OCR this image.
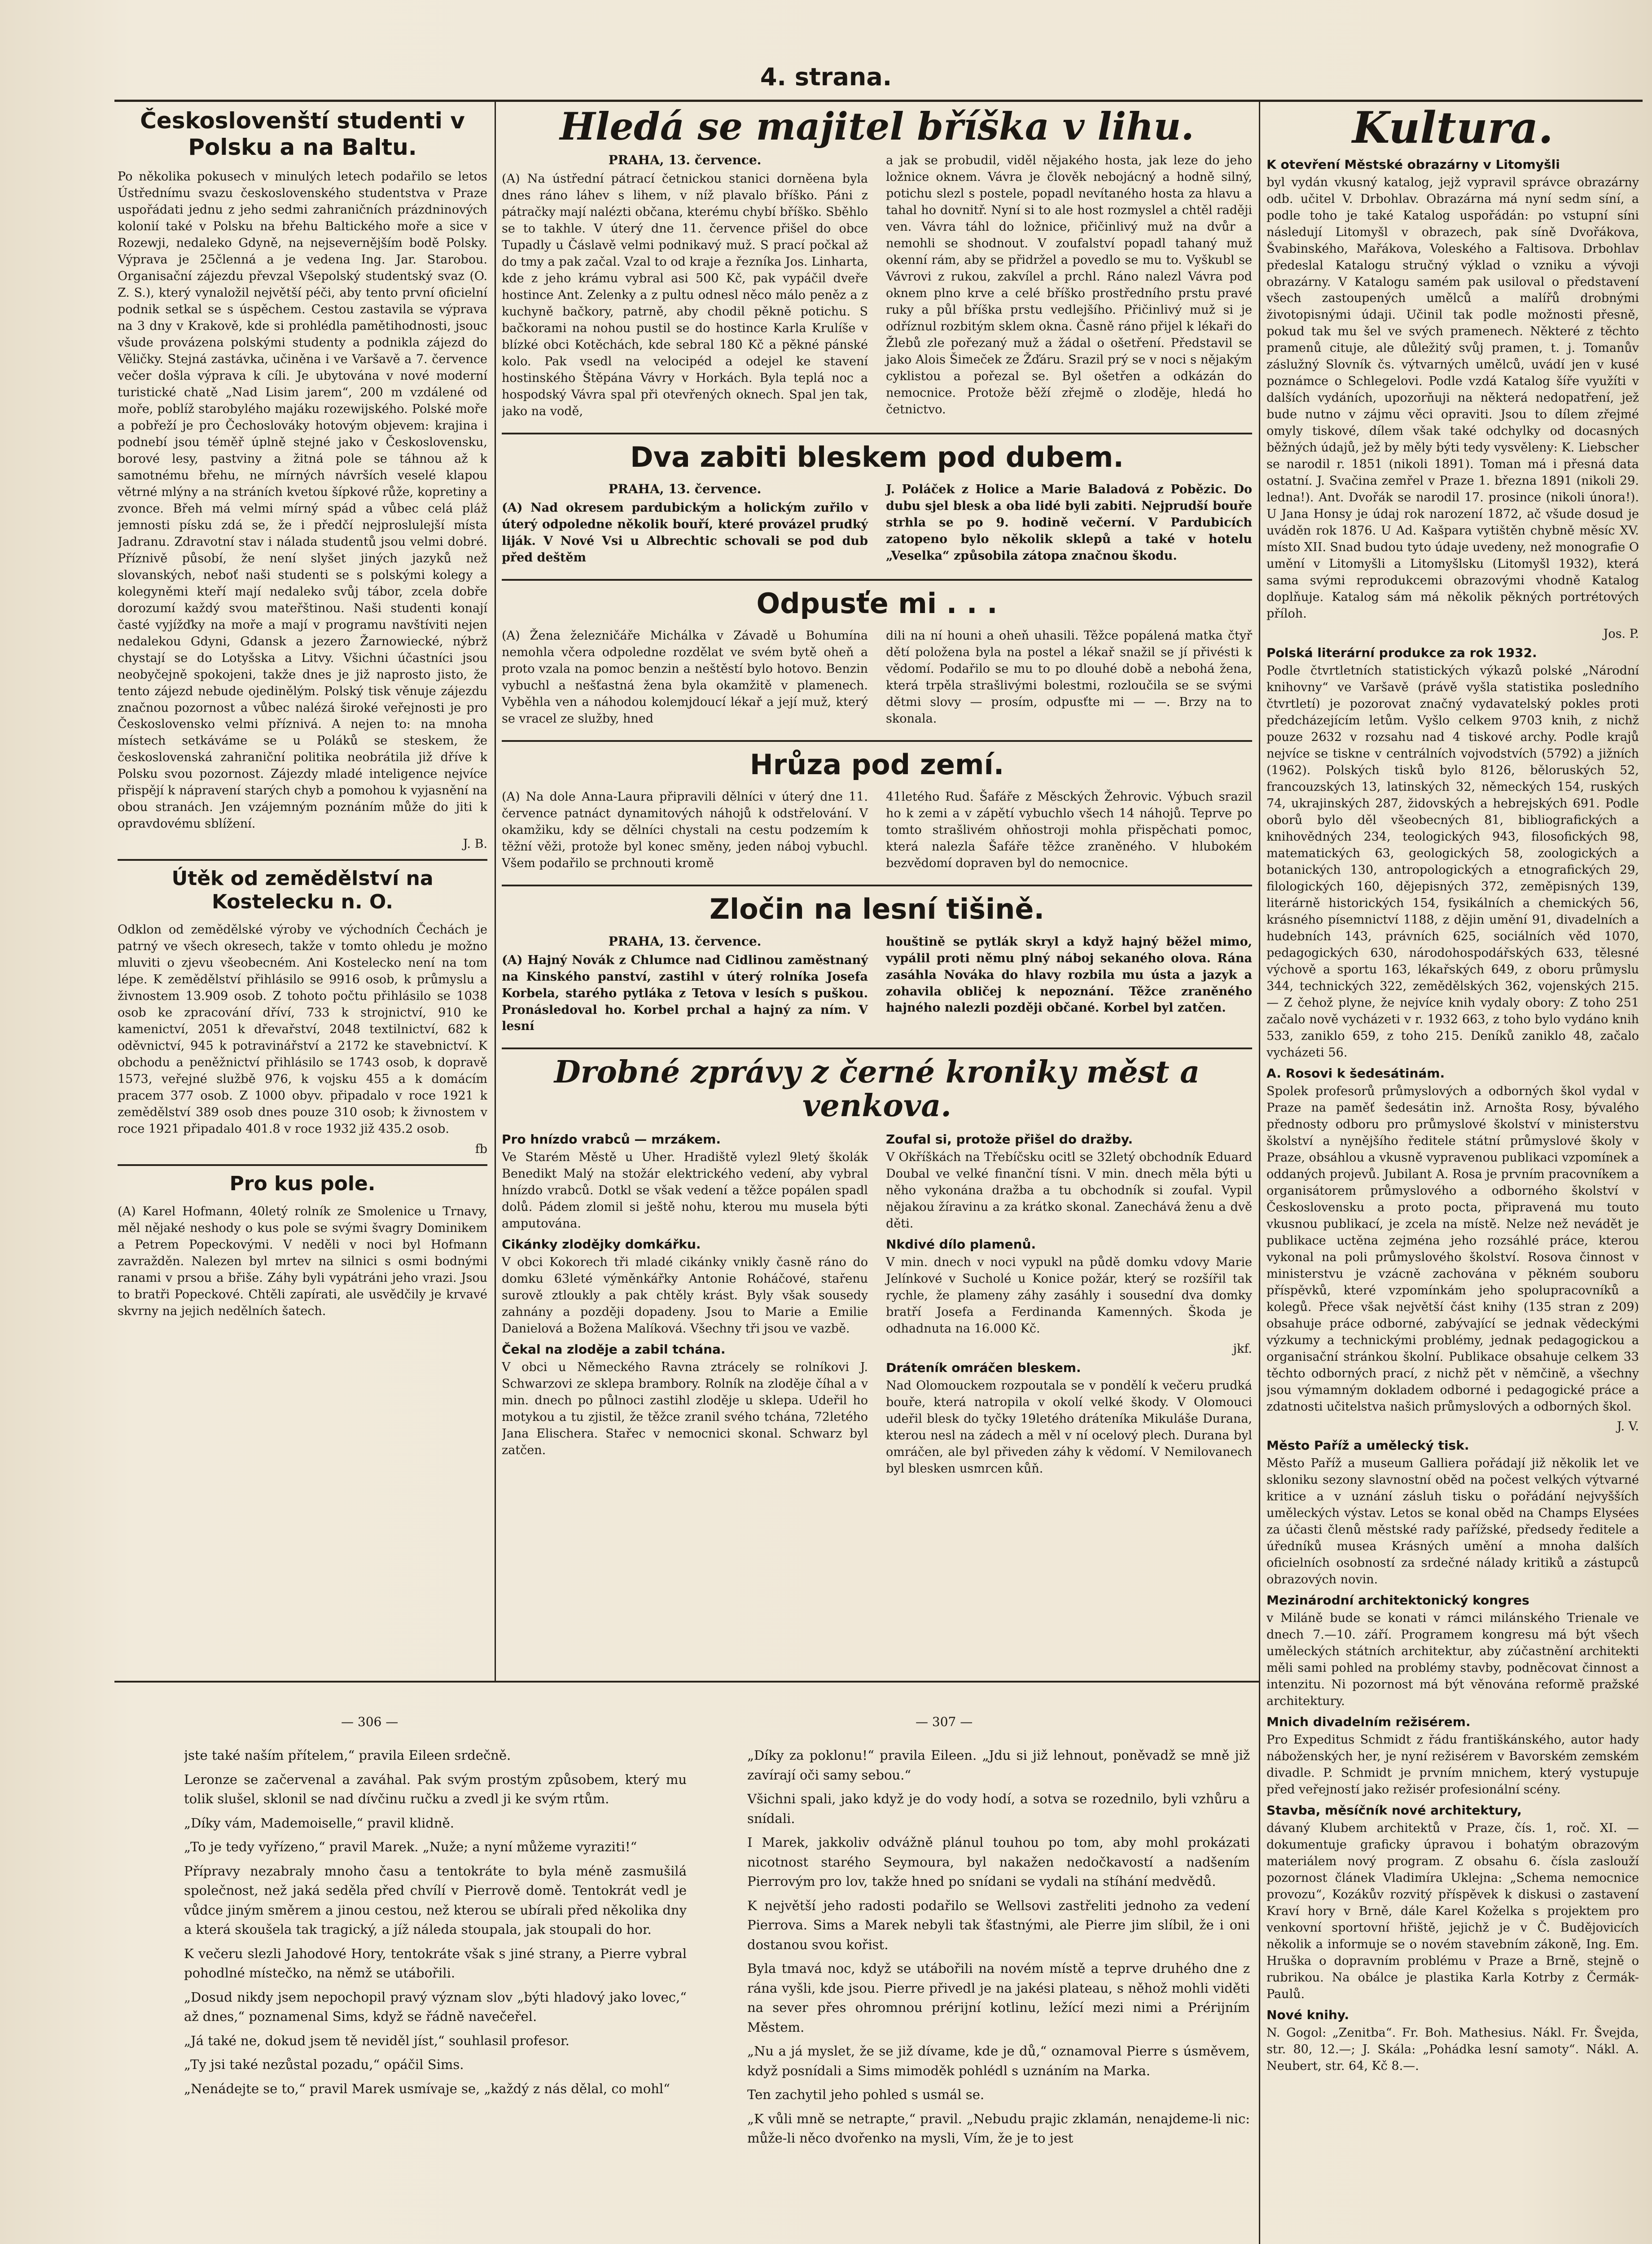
4. strana.
Českoslovenští studenti v Polsku a na Baltu.

Po několika pokusech v minulých letech podařilo se letos Ústřednímu svazu československého studentstva v Praze uspořádati jednu z jeho sedmi zahraničních prázdninových kolonií také v Polsku na břehu Baltického moře a sice v Rozewji, nedaleko Gdyně, na nejsevernějším bodě Polsky. Výprava je 25členná a je vedena Ing. Jar. Starobou. Organisační zájezdu převzal Všepolský studentský svaz (O. Z. S.), který vynaložil největší péči, aby tento první oficielní podnik setkal se s úspěchem. Cestou zastavila se výprava na 3 dny v Krakově, kde si prohlédla pamětihodnosti, jsouc všude provázena polskými studenty a podnikla zájezd do Věličky. Stejná zastávka, učiněna i ve Varšavě a 7. července večer došla výprava k cíli. Je ubytována v nové moderní turistické chatě „Nad Lisim jarem“, 200 m vzdálené od moře, poblíž starobylého majáku rozewijského. Polské moře a pobřeží je pro Čechoslováky hotovým objevem: krajina i podnebí jsou téměř úplně stejné jako v Československu, borové lesy, pastviny a žitná pole se táhnou až k samotnému břehu, ne mírných návrších veselé klapou větrné mlýny a na stráních kvetou šípkové růže, kopretiny a zvonce. Břeh má velmi mírný spád a vůbec celá pláž jemnosti písku zdá se, že i předčí nejproslulejší místa Jadranu. Zdravotní stav i nálada studentů jsou velmi dobré. Příznivě působí, že není slyšet jiných jazyků než slovanských, neboť naši studenti se s polskými kolegy a kolegyněmi kteří mají nedaleko svůj tábor, zcela dobře dorozumí každý svou mateřštinou. Naši studenti konají časté vyjížďky na moře a mají v programu navštíviti nejen nedalekou Gdyni, Gdansk a jezero Žarnowiecké, nýbrž chystají se do Lotyšska a Litvy. Všichni účastníci jsou neobyčejně spokojeni, takže dnes je již naprosto jisto, že tento zájezd nebude ojedinělým. Polský tisk věnuje zájezdu značnou pozornost a vůbec nalézá široké veřejnosti je pro Československo velmi příznivá. A nejen to: na mnoha místech setkáváme se u Poláků se steskem, že československá zahraniční politika neobrátila již dříve k Polsku svou pozornost. Zájezdy mladé inteligence nejvíce přispějí k nápravení starých chyb a pomohou k vyjasnění na obou stranách. Jen vzájemným poznáním může do jiti k opravdovému sblížení.

J. B.
Útěk od zemědělství na Kostelecku n. O.

Odklon od zemědělské výroby ve východních Čechách je patrný ve všech okresech, takže v tomto ohledu je možno mluviti o zjevu všeobecném. Ani Kostelecko není na tom lépe. K zemědělství přihlásilo se 9916 osob, k průmyslu a živnostem 13.909 osob. Z tohoto počtu přihlásilo se 1038 osob ke zpracování dříví, 733 k strojnictví, 910 ke kamenictví, 2051 k dřevařství, 2048 textilnictví, 682 k oděvnictví, 945 k potravinářství a 2172 ke stavebnictví. K obchodu a peněžnictví přihlásilo se 1743 osob, k dopravě 1573, veřejné službě 976, k vojsku 455 a k domácím pracem 377 osob. Z 1000 obyv. připadalo v roce 1921 k zemědělství 389 osob dnes pouze 310 osob; k živnostem v roce 1921 připadalo 401.8 v roce 1932 již 435.2 osob.

fb
Pro kus pole.

(A) Karel Hofmann, 40letý rolník ze Smolenice u Trnavy, měl nějaké neshody o kus pole se svými švagry Dominikem a Petrem Popeckovými. V neděli v noci byl Hofmann zavražděn. Nalezen byl mrtev na silnici s osmi bodnými ranami v prsou a břiše. Záhy byli vypátráni jeho vrazi. Jsou to bratři Popeckové. Chtěli zapírati, ale usvědčily je krvavé skvrny na jejich nedělních šatech.

Hledá se majitel bříška v lihu.
PRAHA, 13. července.

(A) Na ústřední pátrací četnickou stanici dorněena byla dnes ráno láhev s lihem, v níž plavalo bříško. Páni z pátračky mají nalézti občana, kterému chybí bříško. Sběhlo se to takhle. V úterý dne 11. července přišel do obce Tupadly u Čáslavě velmi podnikavý muž. S prací počkal až do tmy a pak začal. Vzal to od kraje a řezníka Jos. Linharta, kde z jeho krámu vybral asi 500 Kč, pak vypáčil dveře hostince Ant. Zelenky a z pultu odnesl něco málo peněz a z kuchyně bačkory, patrně, aby chodil pěkně potichu. S bačkorami na nohou pustil se do hostince Karla Krulíše v blízké obci Kotěchách, kde sebral 180 Kč a pěkné pánské kolo. Pak vsedl na velocipéd a odejel ke stavení hostinského Štěpána Vávry v Horkách. Byla teplá noc a hospodský Vávra spal při otevřených oknech. Spal jen tak, jako na vodě,

a jak se probudil, viděl nějakého hosta, jak leze do jeho ložnice oknem. Vávra je člověk nebojácný a hodně silný, potichu slezl s postele, popadl nevítaného hosta za hlavu a tahal ho dovnitř. Nyní si to ale host rozmyslel a chtěl raději ven. Vávra táhl do ložnice, přičinlivý muž na dvůr a nemohli se shodnout. V zoufalství popadl tahaný muž okenní rám, aby se přidržel a povedlo se mu to. Vyškubl se Vávrovi z rukou, zakvílel a prchl. Ráno nalezl Vávra pod oknem plno krve a celé bříško prostředního prstu pravé ruky a půl bříška prstu vedlejšího. Přičinlivý muž si je odříznul rozbitým sklem okna. Časně ráno přijel k lékaři do Žlebů zle pořezaný muž a žádal o ošetření. Představil se jako Alois Šimeček ze Žďáru. Srazil prý se v noci s nějakým cyklistou a pořezal se. Byl ošetřen a odkázán do nemocnice. Protože běží zřejmě o zloděje, hledá ho četnictvo.

Dva zabiti bleskem pod dubem.
PRAHA, 13. července.

(A) Nad okresem pardubickým a holickým zuřilo v úterý odpoledne několik bouří, které provázel prudký liják. V Nové Vsi u Albrechtic schovali se pod dub před deštěm

J. Poláček z Holice a Marie Baladová z Pobězic. Do dubu sjel blesk a oba lidé byli zabiti. Nejprudší bouře strhla se po 9. hodině večerní. V Pardubicích zatopeno bylo několik sklepů a také v hotelu „Veselka“ způsobila zátopa značnou škodu.

Odpusťe mi . . .

(A) Žena železničáře Michálka v Závadě u Bohumína nemohla včera odpoledne rozdělat ve svém bytě oheň a proto vzala na pomoc benzin a neštěstí bylo hotovo. Benzin vybuchl a nešťastná žena byla okamžitě v plamenech. Vyběhla ven a náhodou kolemjdoucí lékař a její muž, který se vracel ze služby, hned

dili na ní houni a oheň uhasili. Těžce popálená matka čtyř dětí položena byla na postel a lékař snažil se jí přivésti k vědomí. Podařilo se mu to po dlouhé době a nebohá žena, která trpěla strašlivými bolestmi, rozloučila se se svými dětmi slovy — prosím, odpusťte mi — —. Brzy na to skonala.

Hrůza pod zemí.

(A) Na dole Anna-Laura připravili dělníci v úterý dne 11. července patnáct dynamitových náhojů k odstřelování. V okamžiku, kdy se dělníci chystali na cestu podzemím k těžní věži, protože byl konec směny, jeden náboj vybuchl. Všem podařilo se prchnouti kromě

41letého Rud. Šafáře z Měsckých Žehrovic. Výbuch srazil ho k zemi a v zápětí vybuchlo všech 14 náhojů. Teprve po tomto strašlivém ohňostroji mohla přispěchati pomoc, která nalezla Šafáře těžce zraněného. V hlubokém bezvědomí dopraven byl do nemocnice.

Zločin na lesní tišině.
PRAHA, 13. července.

(A) Hajný Novák z Chlumce nad Cidlinou zaměstnaný na Kinského panství, zastihl v úterý rolníka Josefa Korbela, starého pytláka z Tetova v lesích s puškou. Pronásledoval ho. Korbel prchal a hajný za ním. V lesní

houštině se pytlák skryl a když hajný běžel mimo, vypálil proti němu plný náboj sekaného olova. Rána zasáhla Nováka do hlavy rozbila mu ústa a jazyk a zohavila obličej k nepoznání. Těžce zraněného hajného nalezli později občané. Korbel byl zatčen.

Drobné zprávy z černé kroniky měst a venkova.
Pro hnízdo vrabců — mrzákem.

Ve Starém Městě u Uher. Hradiště vylezl 9letý školák Benedikt Malý na stožár elektrického vedení, aby vybral hnízdo vrabců. Dotkl se však vedení a těžce popálen spadl dolů. Pádem zlomil si ještě nohu, kterou mu musela býti amputována.

Cikánky zlodějky domkářku.

V obci Kokorech tři mladé cikánky vnikly časně ráno do domku 63leté výměnkářky Antonie Roháčové, stařenu surově ztloukly a pak chtěly krást. Byly však sousedy zahnány a později dopadeny. Jsou to Marie a Emilie Danielová a Božena Malíková. Všechny tři jsou ve vazbě.

Čekal na zloděje a zabil tchána.

V obci u Německého Ravna ztrácely se rolníkovi J. Schwarzovi ze sklepa brambory. Rolník na zloděje číhal a v min. dnech po půlnoci zastihl zloděje u sklepa. Udeřil ho motykou a tu zjistil, že těžce zranil svého tchána, 72letého Jana Elischera. Stařec v nemocnici skonal. Schwarz byl zatčen.

Zoufal si, protože přišel do dražby.

V Okříškách na Třebíčsku ocitl se 32letý obchodník Eduard Doubal ve velké finanční tísni. V min. dnech měla býti u něho vykonána dražba a tu obchodník si zoufal. Vypil nějakou žíravinu a za krátko skonal. Zanechává ženu a dvě děti.

Nkdivé dílo plamenů.

V min. dnech v noci vypukl na půdě domku vdovy Marie Jelínkové v Sucholé u Konice požár, který se rozšířil tak rychle, že plameny záhy zasáhly i sousední dva domky bratří Josefa a Ferdinanda Kamenných. Škoda je odhadnuta na 16.000 Kč.

jkf.
Dráteník omráčen bleskem.

Nad Olomouckem rozpoutala se v pondělí k večeru prudká bouře, která natropila v okolí velké škody. V Olomouci udeřil blesk do tyčky 19letého dráteníka Mikuláše Durana, kterou nesl na zádech a měl v ní ocelový plech. Durana byl omráčen, ale byl přiveden záhy k vědomí. V Nemilovanech byl blesken usmrcen kůň.

Kultura.
K otevření Městské obrazárny v Litomyšli

byl vydán vkusný katalog, jejž vypravil správce obrazárny odb. učitel V. Drbohlav. Obrazárna má nyní sedm síní, a podle toho je také Katalog uspořádán: po vstupní síni následují Litomyšl v obrazech, pak síně Dvořákova, Švabinského, Mařákova, Voleského a Faltisova. Drbohlav předeslal Katalogu stručný výklad o vzniku a vývoji obrazárny. V Katalogu samém pak usiloval o představení všech zastoupených umělců a malířů drobnými životopisnými údaji. Učinil tak podle možnosti přesně, pokud tak mu šel ve svých pramenech. Některé z těchto pramenů cituje, ale důležitý svůj pramen, t. j. Tomanův záslužný Slovník čs. výtvarných umělců, uvádí jen v kusé poznámce o Schlegelovi. Podle vzdá Katalog šíře využíti v dalších vydáních, upozorňuji na některá nedopatření, jež bude nutno v zájmu věci opraviti. Jsou to dílem zřejmé omyly tiskové, dílem však také odchylky od docasných běžných údajů, jež by měly býti tedy vysvěleny: K. Liebscher se narodil r. 1851 (nikoli 1891). Toman má i přesná data ostatní. J. Svačina zemřel v Praze 1. března 1891 (nikoli 29. ledna!). Ant. Dvořák se narodil 17. prosince (nikoli února!). U Jana Honsy je údaj rok narození 1872, ač všude dosud je uváděn rok 1876. U Ad. Kašpara vytištěn chybně měsíc XV. místo XII. Snad budou tyto údaje uvedeny, než monografie O umění v Litomyšli a Litomyšlsku (Litomyšl 1932), která sama svými reprodukcemi obrazovými vhodně Katalog doplňuje. Katalog sám má několik pěkných portrétových příloh.

Jos. P.
Polská literární produkce za rok 1932.

Podle čtvrtletních statistických výkazů polské „Národní knihovny“ ve Varšavě (právě vyšla statistika posledního čtvrtletí) je pozorovat značný vydavatelský pokles proti předcházejícím letům. Vyšlo celkem 9703 knih, z nichž pouze 2632 v rozsahu nad 4 tiskové archy. Podle krajů nejvíce se tiskne v centrálních vojvodstvích (5792) a jižních (1962). Polských tisků bylo 8126, běloruských 52, francouzských 13, latinských 32, německých 154, ruských 74, ukrajinských 287, židovských a hebrejských 691. Podle oborů bylo děl všeobecných 81, bibliografických a knihovědných 234, teologických 943, filosofických 98, matematických 63, geologických 58, zoologických a botanických 130, antropologických a etnografických 29, filologických 160, dějepisných 372, zeměpisných 139, literárně historických 154, fysikálních a chemických 56, krásného písemnictví 1188, z dějin umění 91, divadelních a hudebních 143, právních 625, sociálních věd 1070, pedagogických 630, národohospodářských 633, tělesné výchově a sportu 163, lékařských 649, z oboru průmyslu 344, technických 322, zemědělských 362, vojenských 215. — Z čehož plyne, že nejvíce knih vydaly obory: Z toho 251 začalo nově vycházeti v r. 1932 663, z toho bylo vydáno knih 533, zaniklo 659, z toho 215. Deníků zaniklo 48, začalo vycházeti 56.

A. Rosovi k šedesátinám.

Spolek profesorů průmyslových a odborných škol vydal v Praze na paměť šedesátin inž. Arnošta Rosy, bývalého přednosty odboru pro průmyslové školství v ministerstvu školství a nynějšího ředitele státní průmyslové školy v Praze, obsáhlou a vkusně vypravenou publikaci vzpomínek a oddaných projevů. Jubilant A. Rosa je prvním pracovníkem a organisátorem průmyslového a odborného školství v Československu a proto pocta, připravená mu touto vkusnou publikací, je zcela na místě. Nelze než nevádět je publikace uctěna zejména jeho rozsáhlé práce, kterou vykonal na poli průmyslového školství. Rosova činnost v ministerstvu je vzácně zachována v pěkném souboru příspěvků, které vzpomínkám jeho spolupracovníků a kolegů. Přece však největší část knihy (135 stran z 209) obsahuje práce odborné, zabývající se jednak vědeckými výzkumy a technickými problémy, jednak pedagogickou a organisační stránkou školní. Publikace obsahuje celkem 33 těchto odborných prací, z nichž pět v němčině, a všechny jsou výmamným dokladem odborné i pedagogické práce a zdatnosti učitelstva našich průmyslových a odborných škol.

J. V.
Město Paříž a umělecký tisk.

Město Paříž a museum Galliera pořádají již několik let ve skloniku sezony slavnostní oběd na počest velkých výtvarné kritice a v uznání zásluh tisku o pořádání nejvyšších uměleckých výstav. Letos se konal oběd na Champs Elysées za účasti členů městské rady pařížské, předsedy ředitele a úředníků musea Krásných umění a mnoha dalších oficielních osobností za srdečné nálady kritiků a zástupců obrazových novin.

Mezinárodní architektonický kongres

v Miláně bude se konati v rámci milánského Trienale ve dnech 7.—10. září. Programem kongresu má být všech uměleckých státních architektur, aby zúčastnění architekti měli sami pohled na problémy stavby, podněcovat činnost a intenzitu. Ni pozornost má být věnována reformě pražské architektury.

Mnich divadelním režisérem.

Pro Expeditus Schmidt z řádu františkánského, autor hady náboženských her, je nyní režisérem v Bavorském zemském divadle. P. Schmidt je prvním mnichem, který vystupuje před veřejností jako režisér profesionální scény.

Stavba, měsíčník nové architektury,

dávaný Klubem architektů v Praze, čís. 1, roč. XI. — dokumentuje graficky úpravou i bohatým obrazovým materiálem nový program. Z obsahu 6. čísla zaslouží pozornost článek Vladimíra Uklejna: „Schema nemocnice provozu“, Kozákův rozvitý příspěvek k diskusi o zastavení Kraví hory v Brně, dále Karel Koželka s projektem pro venkovní sportovní hřiště, jejichž je v Č. Budějovicích několik a informuje se o novém stavebním zákoně, Ing. Em. Hruška o dopravním problému v Praze a Brně, stejně o rubrikou. Na obálce je plastika Karla Kotrby z Čermák-Paulů.

Nové knihy.

N. Gogol: „Zenitba“. Fr. Boh. Mathesius. Nákl. Fr. Švejda, str. 80, 12.—; J. Skála: „Pohádka lesní samoty“. Nákl. A. Neubert, str. 64, Kč 8.—.

— 306 —	— 307 —

jste také naším přítelem,“ pravila Eileen srdečně.

Leronze se začervenal a zaváhal. Pak svým prostým způsobem, který mu tolik slušel, sklonil se nad dívčinu ručku a zvedl ji ke svým rtům.

„Díky vám, Mademoiselle,“ pravil klidně.

„To je tedy vyřízeno,“ pravil Marek. „Nuže; a nyní můžeme vyraziti!“

Přípravy nezabraly mnoho času a tentokráte to byla méně zasmušilá společnost, než jaká seděla před chvílí v Pierrově domě. Tentokrát vedl je vůdce jiným směrem a jinou cestou, než kterou se ubírali před několika dny a která skoušela tak tragický, a jíž náleda stoupala, jak stoupali do hor.

K večeru slezli Jahodové Hory, tentokráte však s jiné strany, a Pierre vybral pohodlné místečko, na němž se utábořili.

„Dosud nikdy jsem nepochopil pravý význam slov „býti hladový jako lovec,“ až dnes,“ poznamenal Sims, když se řádně navečeřel.

„Já také ne, dokud jsem tě neviděl jíst,“ souhlasil profesor.

„Ty jsi také nezůstal pozadu,“ opáčil Sims.

„Nenádejte se to,“ pravil Marek usmívaje se, „každý z nás dělal, co mohl“

„Díky za poklonu!“ pravila Eileen. „Jdu si již lehnout, poněvadž se mně již zavírají oči samy sebou.“

Všichni spali, jako když je do vody hodí, a sotva se rozednilo, byli vzhůru a snídali.

I Marek, jakkoliv odvážně plánul touhou po tom, aby mohl prokázati nicotnost starého Seymoura, byl nakažen nedočkavostí a nadšením Pierrovým pro lov, takže hned po snídani se vydali na stíhání medvědů.

K největší jeho radosti podařilo se Wellsovi zastřeliti jednoho za vedení Pierrova. Sims a Marek nebyli tak šťastnými, ale Pierre jim slíbil, že i oni dostanou svou kořist.

Byla tmavá noc, když se utábořili na novém místě a teprve druhého dne z rána vyšli, kde jsou. Pierre přivedl je na jakési plateau, s něhož mohli viděti na sever přes ohromnou prérijní kotlinu, ležící mezi nimi a Prérijním Městem.

„Nu a já myslet, že se již dívame, kde je dů,“ oznamoval Pierre s úsměvem, když posnídali a Sims mimoděk pohlédl s uznáním na Marka.

Ten zachytil jeho pohled s usmál se.

„K vůli mně se netrapte,“ pravil. „Nebudu prajic zklamán, nenajdeme-li nic: může-li něco dvořenko na mysli, Vím, že je to jest
